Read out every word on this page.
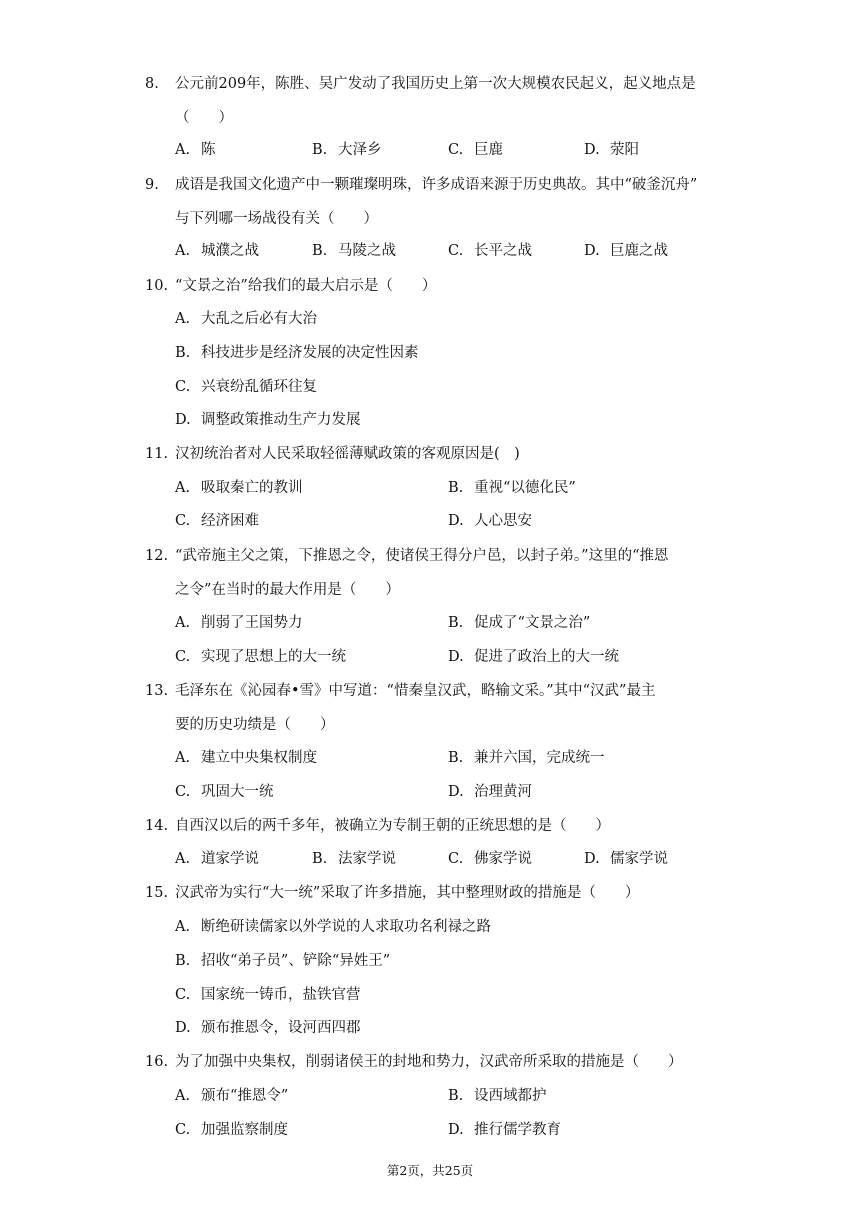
8. 公元前209年，陈胜、吴广发动了我国历史上第一次大规模农民起义，起义地点是
（　　）
A. 陈	B. 大泽乡	C. 巨鹿	D. 荥阳
9. 成语是我国文化遗产中一颗璀璨明珠，许多成语来源于历史典故。其中“破釜沉舟”
与下列哪一场战役有关（　　）
A. 城濮之战	B. 马陵之战	C. 长平之战	D. 巨鹿之战
10. “文景之治”给我们的最大启示是（　　）
A. 大乱之后必有大治
B. 科技进步是经济发展的决定性因素
C. 兴衰纷乱循环往复
D. 调整政策推动生产力发展
11. 汉初统治者对人民采取轻徭薄赋政策的客观原因是(　)
A. 吸取秦亡的教训	B. 重视“以德化民”
C. 经济困难	D. 人心思安
12. “武帝施主父之策，下推恩之令，使诸侯王得分户邑，以封子弟。”这里的“推恩
之令”在当时的最大作用是（　　）
A. 削弱了王国势力	B. 促成了“文景之治”
C. 实现了思想上的大一统	D. 促进了政治上的大一统
13. 毛泽东在《沁园春•雪》中写道：“惜秦皇汉武，略输文采。”其中“汉武”最主
要的历史功绩是（　　）
A. 建立中央集权制度	B. 兼并六国，完成统一
C. 巩固大一统	D. 治理黄河
14. 自西汉以后的两千多年，被确立为专制王朝的正统思想的是（　　）
A. 道家学说	B. 法家学说	C. 佛家学说	D. 儒家学说
15. 汉武帝为实行“大一统”采取了许多措施，其中整理财政的措施是（　　）
A. 断绝研读儒家以外学说的人求取功名利禄之路
B. 招收“弟子员”、铲除“异姓王”
C. 国家统一铸币，盐铁官营
D. 颁布推恩令，设河西四郡
16. 为了加强中央集权，削弱诸侯王的封地和势力，汉武帝所采取的措施是（　　）
A. 颁布“推恩令”	B. 设西域都护
C. 加强监察制度	D. 推行儒学教育
第2页，共25页
